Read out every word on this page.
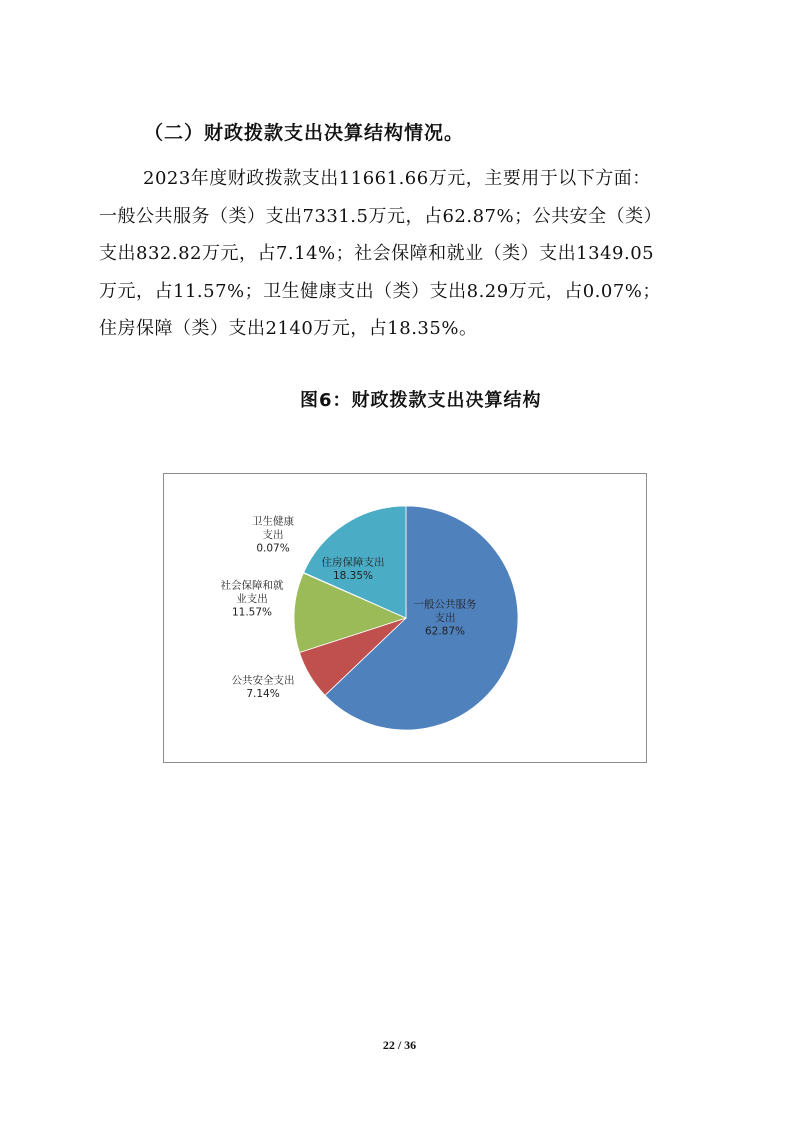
（二）财政拨款支出决算结构情况。
2023年度财政拨款支出11661.66万元，主要用于以下方面：
一般公共服务（类）支出7331.5万元，占62.87%；公共安全（类）
支出832.82万元，占7.14%；社会保障和就业（类）支出1349.05
万元，占11.57%；卫生健康支出（类）支出8.29万元，占0.07%；
住房保障（类）支出2140万元，占18.35%。
图6：财政拨款支出决算结构
一般公共服务支出 62.87%
公共安全支出 7.14%
社会保障和就业支出 11.57%
卫生健康支出 0.07%
住房保障支出 18.35%
22 / 36
